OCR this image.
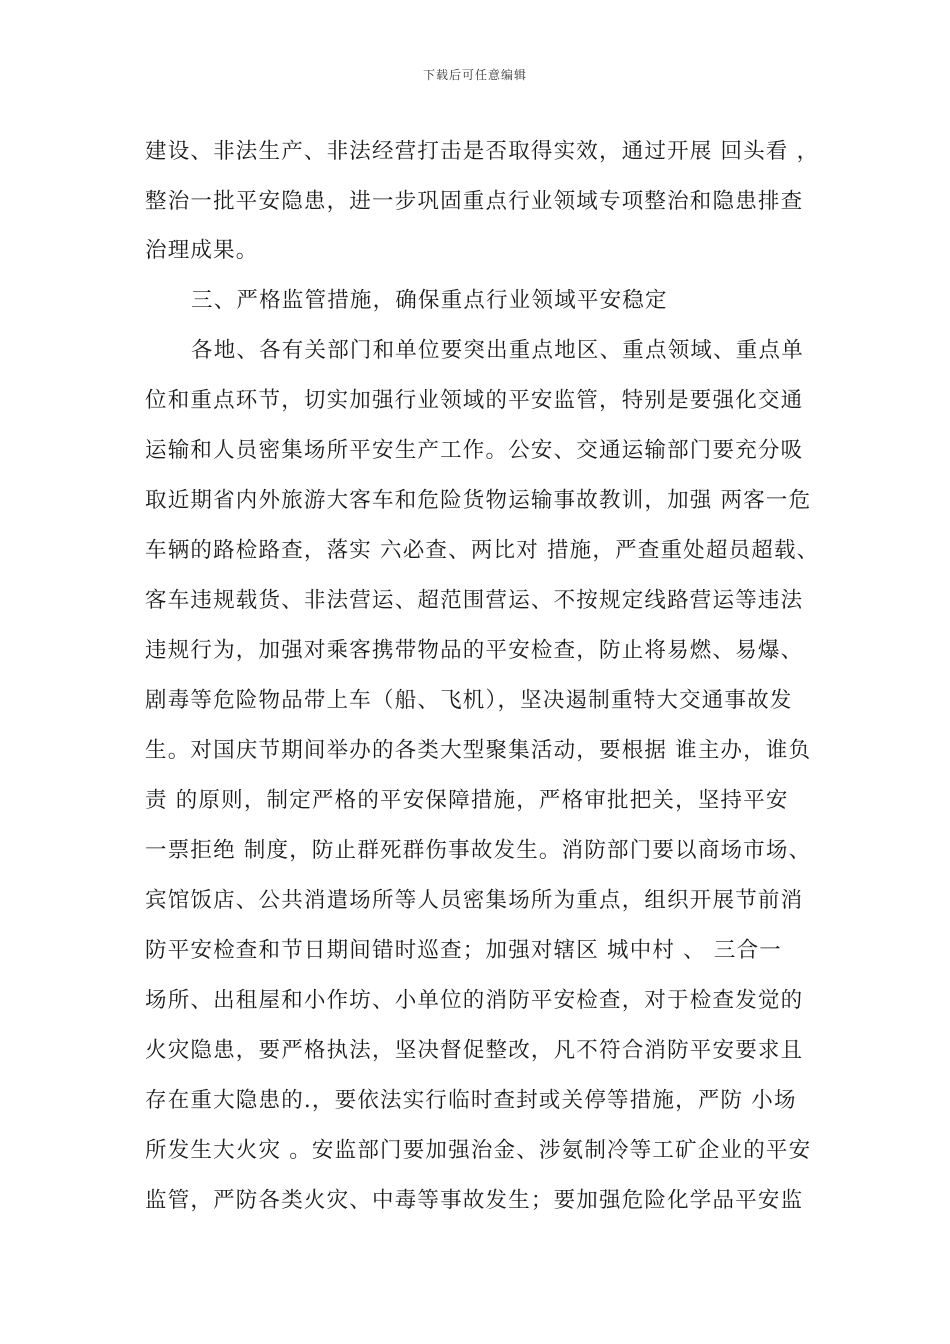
下载后可任意编辑
建设、非法生产、非法经营打击是否取得实效，通过开展 回头看 ，
整治一批平安隐患，进一步巩固重点行业领域专项整治和隐患排查
治理成果。
三、严格监管措施，确保重点行业领域平安稳定
各地、各有关部门和单位要突出重点地区、重点领域、重点单
位和重点环节，切实加强行业领域的平安监管，特别是要强化交通
运输和人员密集场所平安生产工作。公安、交通运输部门要充分吸
取近期省内外旅游大客车和危险货物运输事故教训，加强 两客一危
车辆的路检路查，落实 六必查、两比对 措施，严查重处超员超载、
客车违规载货、非法营运、超范围营运、不按规定线路营运等违法
违规行为，加强对乘客携带物品的平安检查，防止将易燃、易爆、
剧毒等危险物品带上车（船、飞机），坚决遏制重特大交通事故发
生。对国庆节期间举办的各类大型聚集活动，要根据 谁主办，谁负
责 的原则，制定严格的平安保障措施，严格审批把关，坚持平安
一票拒绝 制度，防止群死群伤事故发生。消防部门要以商场市场、
宾馆饭店、公共消遣场所等人员密集场所为重点，组织开展节前消
防平安检查和节日期间错时巡查；加强对辖区 城中村 、 三合一
场所、出租屋和小作坊、小单位的消防平安检查，对于检查发觉的
火灾隐患，要严格执法，坚决督促整改，凡不符合消防平安要求且
存在重大隐患的.，要依法实行临时查封或关停等措施，严防 小场
所发生大火灾 。安监部门要加强治金、涉氨制冷等工矿企业的平安
监管，严防各类火灾、中毒等事故发生；要加强危险化学品平安监
